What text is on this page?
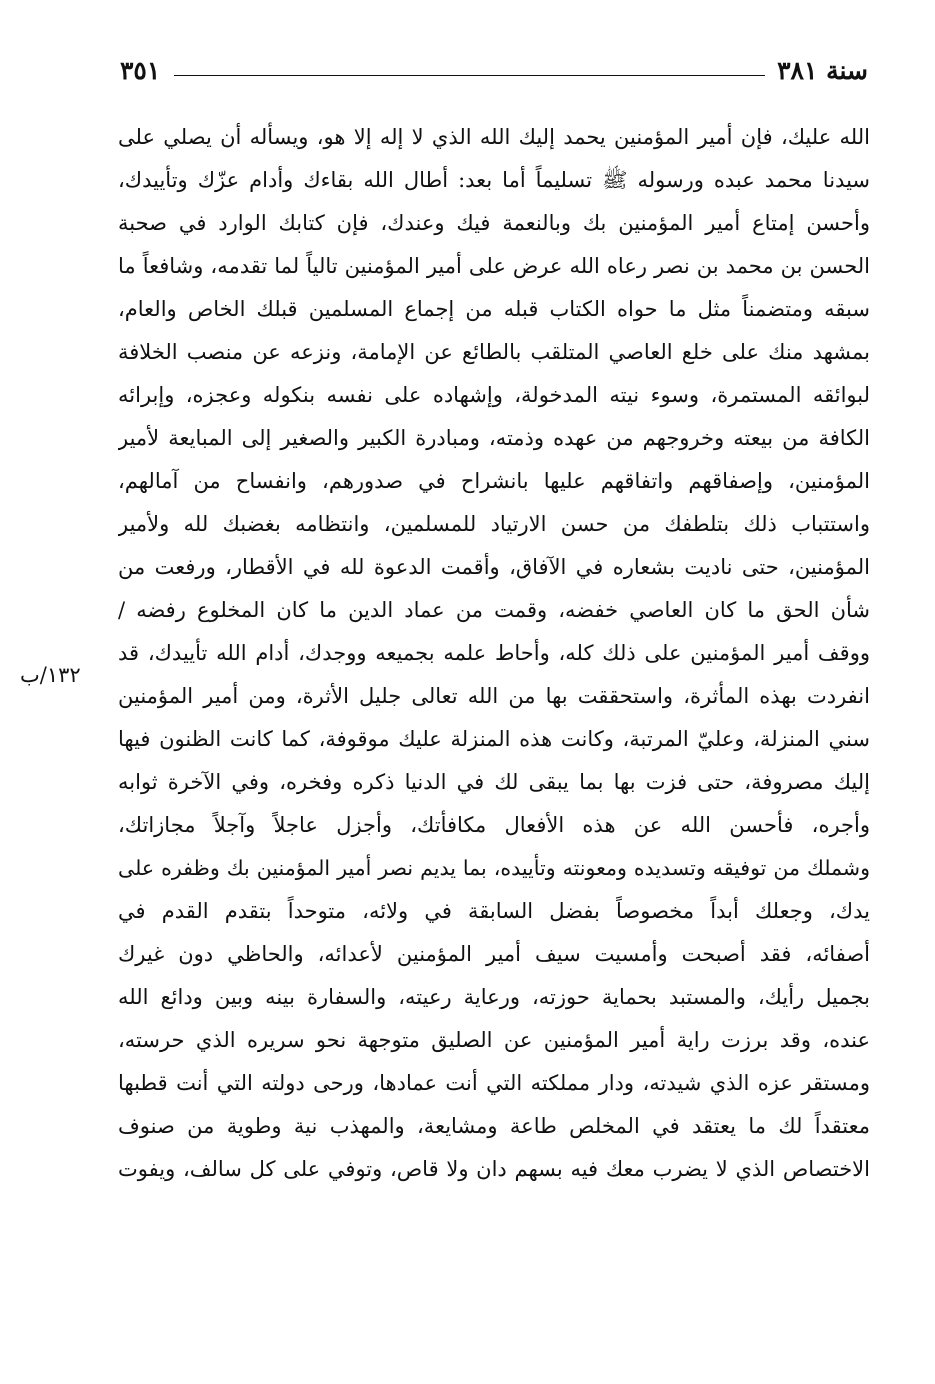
سنة ٣٨١
٣٥١
١٣٢/ب
الله عليك، فإن أمير المؤمنين يحمد إليك الله الذي لا إله إلا هو، ويسأله أن يصلي على
سيدنا محمد عبده ورسوله ﷺ تسليماً أما بعد: أطال الله بقاءك وأدام عزّك وتأييدك،
وأحسن إمتاع أمير المؤمنين بك وبالنعمة فيك وعندك، فإن كتابك الوارد في صحبة
الحسن بن محمد بن نصر رعاه الله عرض على أمير المؤمنين تالياً لما تقدمه، وشافعاً ما
سبقه ومتضمناً مثل ما حواه الكتاب قبله من إجماع المسلمين قبلك الخاص والعام،
بمشهد منك على خلع العاصي المتلقب بالطائع عن الإمامة، ونزعه عن منصب الخلافة
لبوائقه المستمرة، وسوء نيته المدخولة، وإشهاده على نفسه بنكوله وعجزه، وإبرائه
الكافة من بيعته وخروجهم من عهده وذمته، ومبادرة الكبير والصغير إلى المبايعة لأمير
المؤمنين، وإصفاقهم واتفاقهم عليها بانشراح في صدورهم، وانفساح من آمالهم،
واستتباب ذلك بتلطفك من حسن الارتياد للمسلمين، وانتظامه بغضبك لله ولأمير
المؤمنين، حتى ناديت بشعاره في الآفاق، وأقمت الدعوة لله في الأقطار، ورفعت من
شأن الحق ما كان العاصي خفضه، وقمت من عماد الدين ما كان المخلوع رفضه /
ووقف أمير المؤمنين على ذلك كله، وأحاط علمه بجميعه ووجدك، أدام الله تأييدك، قد
انفردت بهذه المأثرة، واستحققت بها من الله تعالى جليل الأثرة، ومن أمير المؤمنين
سني المنزلة، وعليّ المرتبة، وكانت هذه المنزلة عليك موقوفة، كما كانت الظنون فيها
إليك مصروفة، حتى فزت بها بما يبقى لك في الدنيا ذكره وفخره، وفي الآخرة ثوابه
وأجره، فأحسن الله عن هذه الأفعال مكافأتك، وأجزل عاجلاً وآجلاً مجازاتك،
وشملك من توفيقه وتسديده ومعونته وتأييده، بما يديم نصر أمير المؤمنين بك وظفره على
يدك، وجعلك أبداً مخصوصاً بفضل السابقة في ولائه، متوحداً بتقدم القدم في
أصفائه، فقد أصبحت وأمسيت سيف أمير المؤمنين لأعدائه، والحاظي دون غيرك
بجميل رأيك، والمستبد بحماية حوزته، ورعاية رعيته، والسفارة بينه وبين ودائع الله
عنده، وقد برزت راية أمير المؤمنين عن الصليق متوجهة نحو سريره الذي حرسته،
ومستقر عزه الذي شيدته، ودار مملكته التي أنت عمادها، ورحى دولته التي أنت قطبها
معتقداً لك ما يعتقد في المخلص طاعة ومشايعة، والمهذب نية وطوية من صنوف
الاختصاص الذي لا يضرب معك فيه بسهم دان ولا قاص، وتوفي على كل سالف، ويفوت
